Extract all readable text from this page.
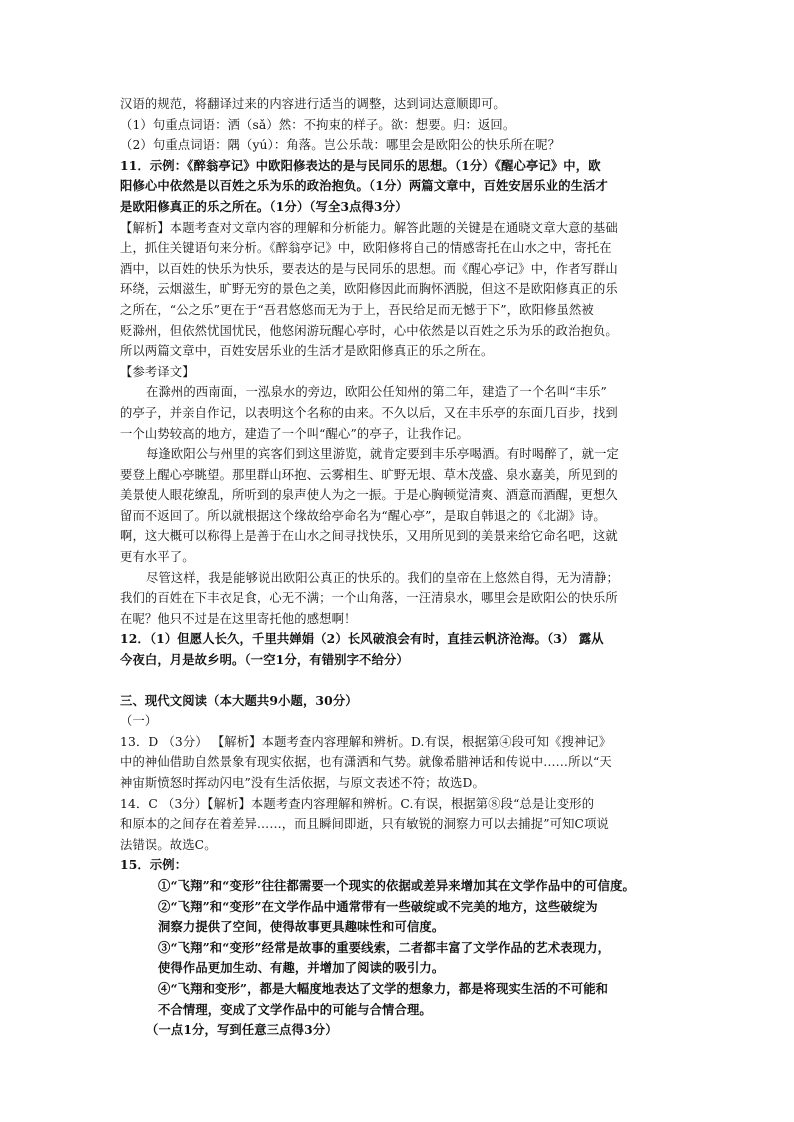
汉语的规范，将翻译过来的内容进行适当的调整，达到词达意顺即可。
（1）句重点词语：洒（sǎ）然：不拘束的样子。欲：想要。归：返回。
（2）句重点词语：隅（yú）：角落。岂公乐哉：哪里会是欧阳公的快乐所在呢？
11．示例：《醉翁亭记》中欧阳修表达的是与民同乐的思想。（1分）《醒心亭记》中，欧
阳修心中依然是以百姓之乐为乐的政治抱负。（1分）两篇文章中，百姓安居乐业的生活才
是欧阳修真正的乐之所在。（1分）（写全3点得3分）
【解析】本题考查对文章内容的理解和分析能力。解答此题的关键是在通晓文章大意的基础
上，抓住关键语句来分析。《醉翁亭记》中，欧阳修将自己的情感寄托在山水之中，寄托在
酒中，以百姓的快乐为快乐，要表达的是与民同乐的思想。而《醒心亭记》中，作者写群山
环绕，云烟滋生，旷野无穷的景色之美，欧阳修因此而胸怀洒脱，但这不是欧阳修真正的乐
之所在，“公之乐”更在于“吾君悠悠而无为于上，吾民给足而无憾于下”，欧阳修虽然被
贬滁州，但依然忧国忧民，他悠闲游玩醒心亭时，心中依然是以百姓之乐为乐的政治抱负。
所以两篇文章中，百姓安居乐业的生活才是欧阳修真正的乐之所在。
【参考译文】
在滁州的西南面，一泓泉水的旁边，欧阳公任知州的第二年，建造了一个名叫“丰乐”
的亭子，并亲自作记，以表明这个名称的由来。不久以后，又在丰乐亭的东面几百步，找到
一个山势较高的地方，建造了一个叫“醒心”的亭子，让我作记。
每逢欧阳公与州里的宾客们到这里游览，就肯定要到丰乐亭喝酒。有时喝醉了，就一定
要登上醒心亭眺望。那里群山环抱、云雾相生、旷野无垠、草木茂盛、泉水嘉美，所见到的
美景使人眼花缭乱，所听到的泉声使人为之一振。于是心胸顿觉清爽、酒意而酒醒，更想久
留而不返回了。所以就根据这个缘故给亭命名为“醒心亭”，是取自韩退之的《北湖》诗。
啊，这大概可以称得上是善于在山水之间寻找快乐，又用所见到的美景来给它命名吧，这就
更有水平了。
尽管这样，我是能够说出欧阳公真正的快乐的。我们的皇帝在上悠然自得，无为清静；
我们的百姓在下丰衣足食，心无不满；一个山角落，一汪清泉水，哪里会是欧阳公的快乐所
在呢？他只不过是在这里寄托他的感想啊！
12．（1）但愿人长久，千里共婵娟（2）长风破浪会有时，直挂云帆济沧海。（3） 露从
今夜白，月是故乡明。（一空1分，有错别字不给分）
三、现代文阅读（本大题共9小题，30分）
（一）
13．D （3分） 【解析】本题考查内容理解和辨析。D.有误，根据第④段可知《搜神记》
中的神仙借助自然景象有现实依据，也有潇洒和气势。就像希腊神话和传说中……所以“天
神宙斯愤怒时挥动闪电”没有生活依据，与原文表述不符；故选D。
14．C （3分）【解析】本题考查内容理解和辨析。C.有误，根据第⑧段“总是让变形的
和原本的之间存在着差异……，而且瞬间即逝，只有敏锐的洞察力可以去捕捉”可知C项说
法错误。故选C。
15．示例：
①“飞翔”和“变形”往往都需要一个现实的依据或差异来增加其在文学作品中的可信度。
②“飞翔”和“变形”在文学作品中通常带有一些破绽或不完美的地方，这些破绽为
洞察力提供了空间，使得故事更具趣味性和可信度。
③“飞翔”和“变形”经常是故事的重要线索，二者都丰富了文学作品的艺术表现力，
使得作品更加生动、有趣，并增加了阅读的吸引力。
④“飞翔和变形”，都是大幅度地表达了文学的想象力，都是将现实生活的不可能和
不合情理，变成了文学作品中的可能与合情合理。
（一点1分，写到任意三点得3分）
